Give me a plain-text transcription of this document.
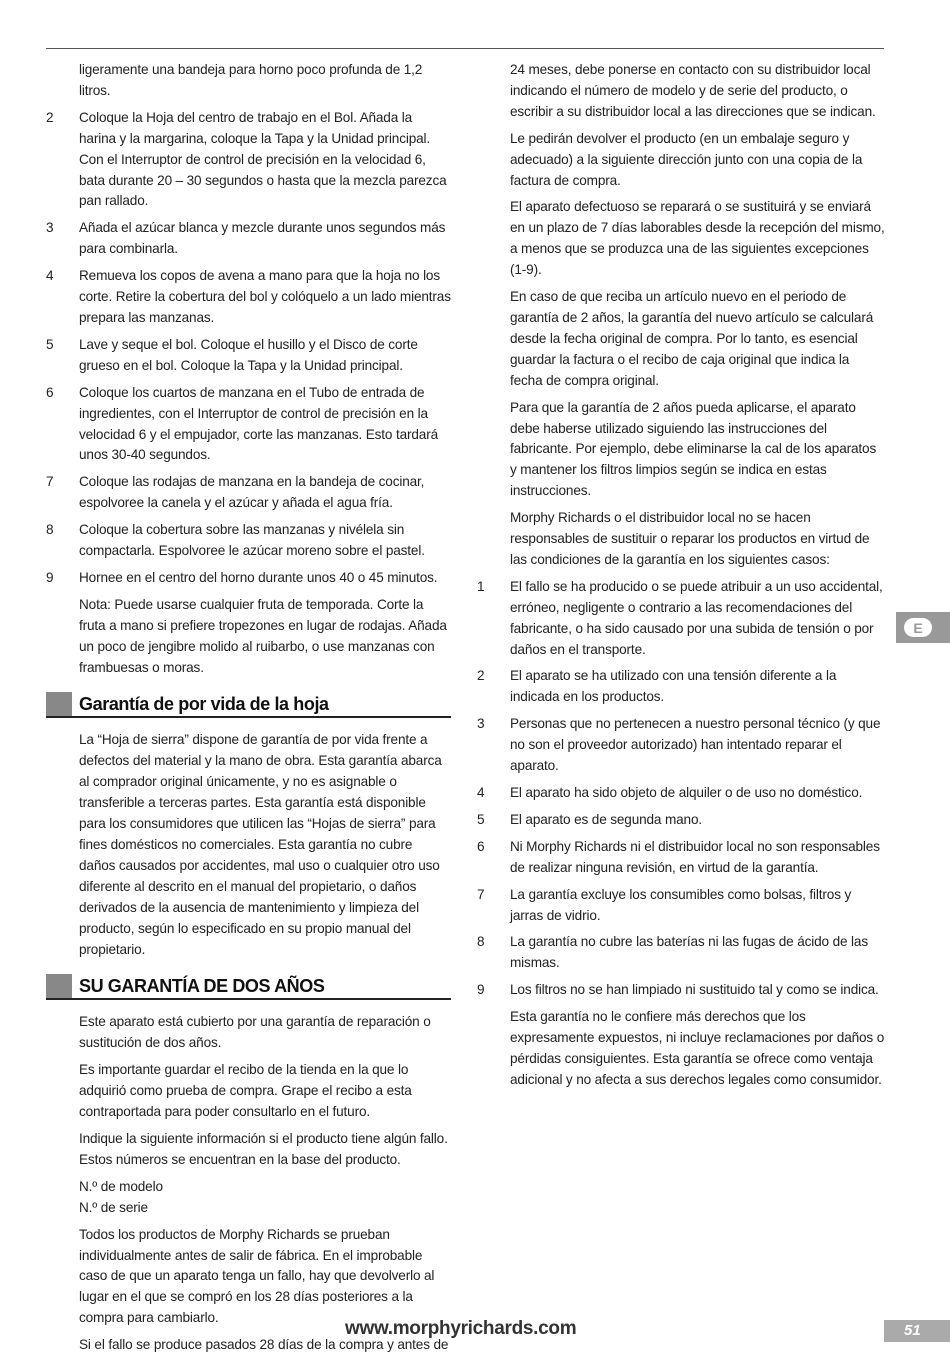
ligeramente una bandeja para horno poco profunda de 1,2 litros.
2	Coloque la Hoja del centro de trabajo en el Bol. Añada la harina y la margarina, coloque la Tapa y la Unidad principal. Con el Interruptor de control de precisión en la velocidad 6, bata durante 20 – 30 segundos o hasta que la mezcla parezca pan rallado.
3	Añada el azúcar blanca y mezcle durante unos segundos más para combinarla.
4	Remueva los copos de avena a mano para que la hoja no los corte. Retire la cobertura del bol y colóquelo a un lado mientras prepara las manzanas.
5	Lave y seque el bol. Coloque el husillo y el Disco de corte grueso en el bol. Coloque la Tapa y la Unidad principal.
6	Coloque los cuartos de manzana en el Tubo de entrada de ingredientes, con el Interruptor de control de precisión en la velocidad 6 y el empujador, corte las manzanas. Esto tardará unos 30-40 segundos.
7	Coloque las rodajas de manzana en la bandeja de cocinar, espolvoree la canela y el azúcar y añada el agua fría.
8	Coloque la cobertura sobre las manzanas y nivélela sin compactarla. Espolvoree le azúcar moreno sobre el pastel.
9	Hornee en el centro del horno durante unos 40 o 45 minutos.
Nota: Puede usarse cualquier fruta de temporada. Corte la fruta a mano si prefiere tropezones en lugar de rodajas. Añada un poco de jengibre molido al ruibarbo, o use manzanas con frambuesas o moras.
Garantía de por vida de la hoja
La “Hoja de sierra” dispone de garantía de por vida frente a defectos del material y la mano de obra. Esta garantía abarca al comprador original únicamente, y no es asignable o transferible a terceras partes. Esta garantía está disponible para los consumidores que utilicen las “Hojas de sierra” para fines domésticos no comerciales. Esta garantía no cubre daños causados por accidentes, mal uso o cualquier otro uso diferente al descrito en el manual del propietario, o daños derivados de la ausencia de mantenimiento y limpieza del producto, según lo especificado en su propio manual del propietario.
SU GARANTÍA DE DOS AÑOS
Este aparato está cubierto por una garantía de reparación o sustitución de dos años.
Es importante guardar el recibo de la tienda en la que lo adquirió como prueba de compra. Grape el recibo a esta contraportada para poder consultarlo en el futuro.
Indique la siguiente información si el producto tiene algún fallo. Estos números se encuentran en la base del producto.
N.º de modelo
N.º de serie
Todos los productos de Morphy Richards se prueban individualmente antes de salir de fábrica. En el improbable caso de que un aparato tenga un fallo, hay que devolverlo al lugar en el que se compró en los 28 días posteriores a la compra para cambiarlo.
Si el fallo se produce pasados 28 días de la compra y antes de
24 meses, debe ponerse en contacto con su distribuidor local indicando el número de modelo y de serie del producto, o escribir a su distribuidor local a las direcciones que se indican.
Le pedirán devolver el producto (en un embalaje seguro y adecuado) a la siguiente dirección junto con una copia de la factura de compra.
El aparato defectuoso se reparará o se sustituirá y se enviará en un plazo de 7 días laborables desde la recepción del mismo, a menos que se produzca una de las siguientes excepciones (1-9).
En caso de que reciba un artículo nuevo en el periodo de garantía de 2 años, la garantía del nuevo artículo se calculará desde la fecha original de compra. Por lo tanto, es esencial guardar la factura o el recibo de caja original que indica la fecha de compra original.
Para que la garantía de 2 años pueda aplicarse, el aparato debe haberse utilizado siguiendo las instrucciones del fabricante. Por ejemplo, debe eliminarse la cal de los aparatos y mantener los filtros limpios según se indica en estas instrucciones.
Morphy Richards o el distribuidor local no se hacen responsables de sustituir o reparar los productos en virtud de las condiciones de la garantía en los siguientes casos:
1	El fallo se ha producido o se puede atribuir a un uso accidental, erróneo, negligente o contrario a las recomendaciones del fabricante, o ha sido causado por una subida de tensión o por daños en el transporte.
2	El aparato se ha utilizado con una tensión diferente a la indicada en los productos.
3	Personas que no pertenecen a nuestro personal técnico (y que no son el proveedor autorizado) han intentado reparar el aparato.
4	El aparato ha sido objeto de alquiler o de uso no doméstico.
5	El aparato es de segunda mano.
6	Ni Morphy Richards ni el distribuidor local no son responsables de realizar ninguna revisión, en virtud de la garantía.
7	La garantía excluye los consumibles como bolsas, filtros y jarras de vidrio.
8	La garantía no cubre las baterías ni las fugas de ácido de las mismas.
9	Los filtros no se han limpiado ni sustituido tal y como se indica.
Esta garantía no le confiere más derechos que los expresamente expuestos, ni incluye reclamaciones por daños o pérdidas consiguientes. Esta garantía se ofrece como ventaja adicional y no afecta a sus derechos legales como consumidor.
E
www.morphyrichards.com	51
